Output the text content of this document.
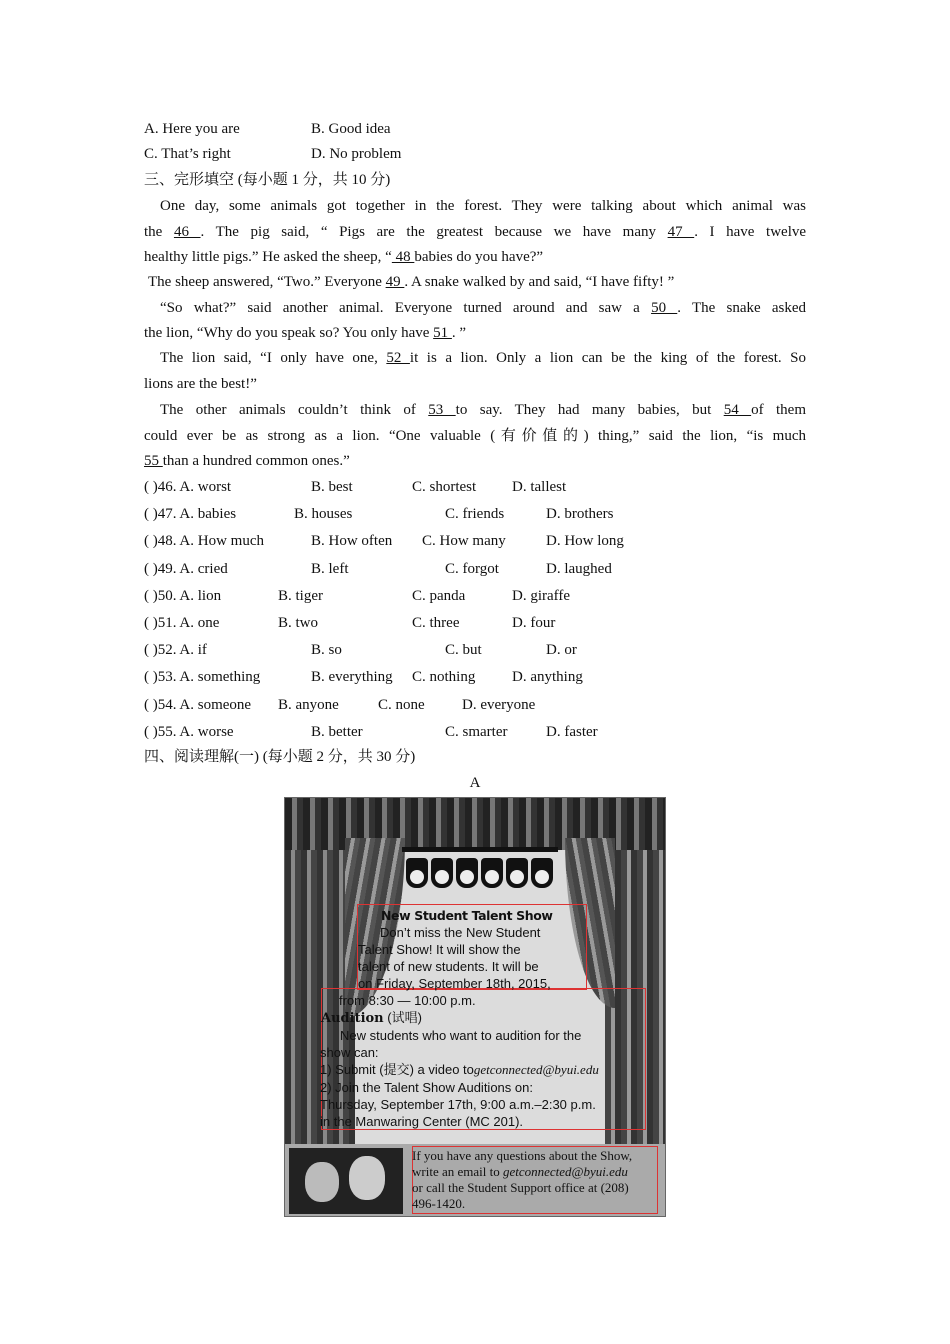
A. Here you are	B. Good idea
C. That’s right	D. No problem
三、完形填空 (每小题 1 分，共 10 分)
One day, some animals got together in the forest. They were talking about which animal was
the 46 . The pig said, “ Pigs are the greatest because we have many 47 . I have twelve
healthy little pigs.” He asked the sheep, “ 48 babies do you have?”
The sheep answered, “Two.” Everyone 49 . A snake walked by and said, “I have fifty! ”
“So what?” said another animal. Everyone turned around and saw a 50 . The snake asked
the lion, “Why do you speak so? You only have 51 . ”
The lion said, “I only have one, 52 it is a lion. Only a lion can be the king of the forest. So
lions are the best!”
The other animals couldn’t think of 53 to say. They had many babies, but 54 of them
could ever be as strong as a lion. “One valuable (有价值的) thing,” said the lion, “is much
55 than a hundred common ones.”
( )46. A. worst	B. best	C. shortest D. tallest
( )47. A. babies	B. houses	C. friends	D. brothers
( )48. A. How much	B. How often C. How many	D. How long
( )49. A. cried	B. left	C. forgot	D. laughed
( )50. A. lion	B. tiger	C. panda	D. giraffe
( )51. A. one	B. two	C. three	D. four
( )52. A. if	B. so	C. but	D. or
( )53. A. something	B. everything C. nothing D. anything
( )54. A. someone B. anyone	C. none D. everyone
( )55. A. worse	B. better	C. smarter	D. faster
四、阅读理解(一) (每小题 2 分，共 30 分)
A
New Student Talent Show
Don’t miss the New Student
Talent Show! It will show the
talent of new students. It will be
on Friday, September 18th, 2015,
from 8:30 — 10:00 p.m.
Audition (试唱)
New students who want to audition for the
show can:
1) Submit (提交) a video togetconnected@byui.edu
2) Join the Talent Show Auditions on:
Thursday, September 17th, 9:00 a.m.–2:30 p.m.
in the Manwaring Center (MC 201).
If you have any questions about the Show,
write an email to getconnected@byui.edu
or call the Student Support office at (208)
496-1420.
